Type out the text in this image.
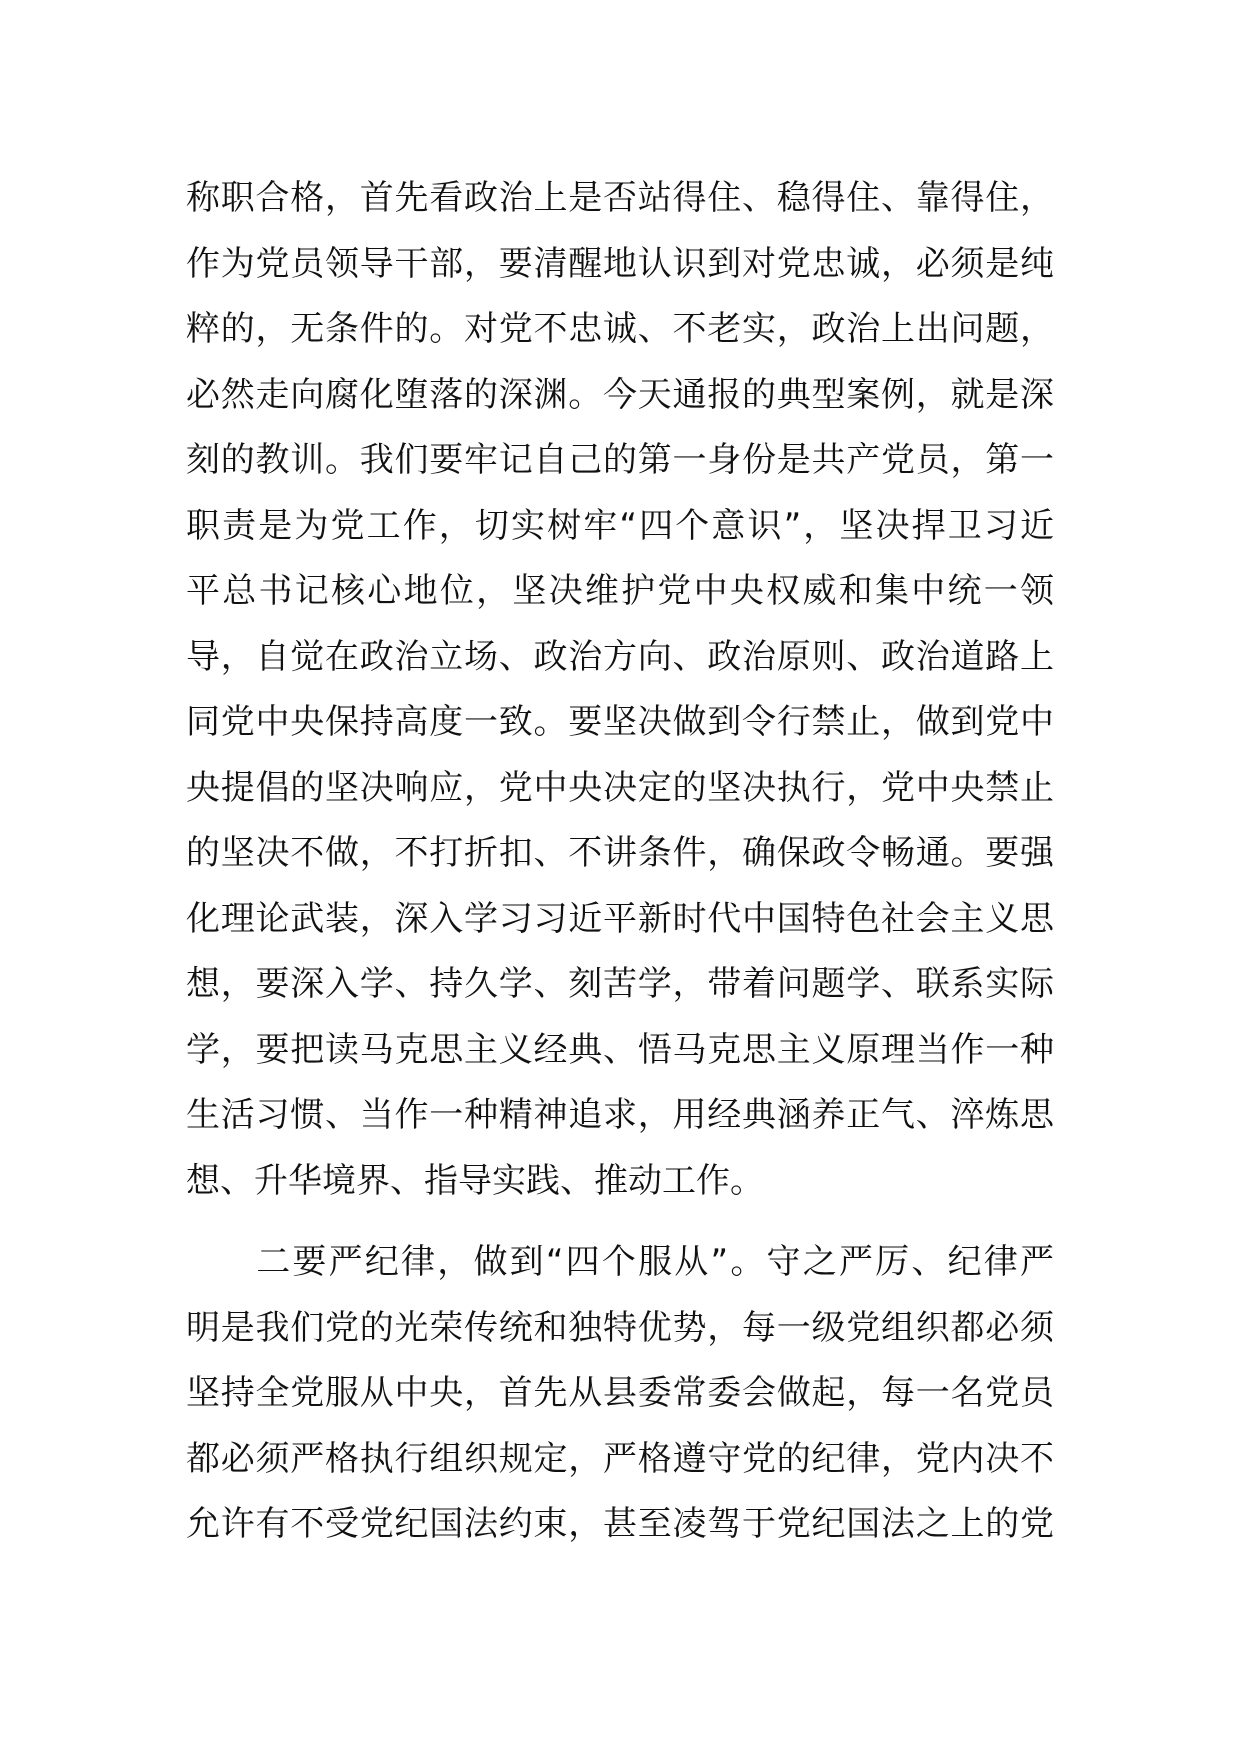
称职合格，首先看政治上是否站得住、稳得住、靠得住，
作为党员领导干部，要清醒地认识到对党忠诚，必须是纯
粹的，无条件的。对党不忠诚、不老实，政治上出问题，
必然走向腐化堕落的深渊。今天通报的典型案例，就是深
刻的教训。我们要牢记自己的第一身份是共产党员，第一
职责是为党工作，切实树牢“四个意识”，坚决捍卫习近
平总书记核心地位，坚决维护党中央权威和集中统一领
导，自觉在政治立场、政治方向、政治原则、政治道路上
同党中央保持高度一致。要坚决做到令行禁止，做到党中
央提倡的坚决响应，党中央决定的坚决执行，党中央禁止
的坚决不做，不打折扣、不讲条件，确保政令畅通。要强
化理论武装，深入学习习近平新时代中国特色社会主义思
想，要深入学、持久学、刻苦学，带着问题学、联系实际
学，要把读马克思主义经典、悟马克思主义原理当作一种
生活习惯、当作一种精神追求，用经典涵养正气、淬炼思
想、升华境界、指导实践、推动工作。
二要严纪律，做到“四个服从”。守之严厉、纪律严
明是我们党的光荣传统和独特优势，每一级党组织都必须
坚持全党服从中央，首先从县委常委会做起，每一名党员
都必须严格执行组织规定，严格遵守党的纪律，党内决不
允许有不受党纪国法约束，甚至凌驾于党纪国法之上的党
